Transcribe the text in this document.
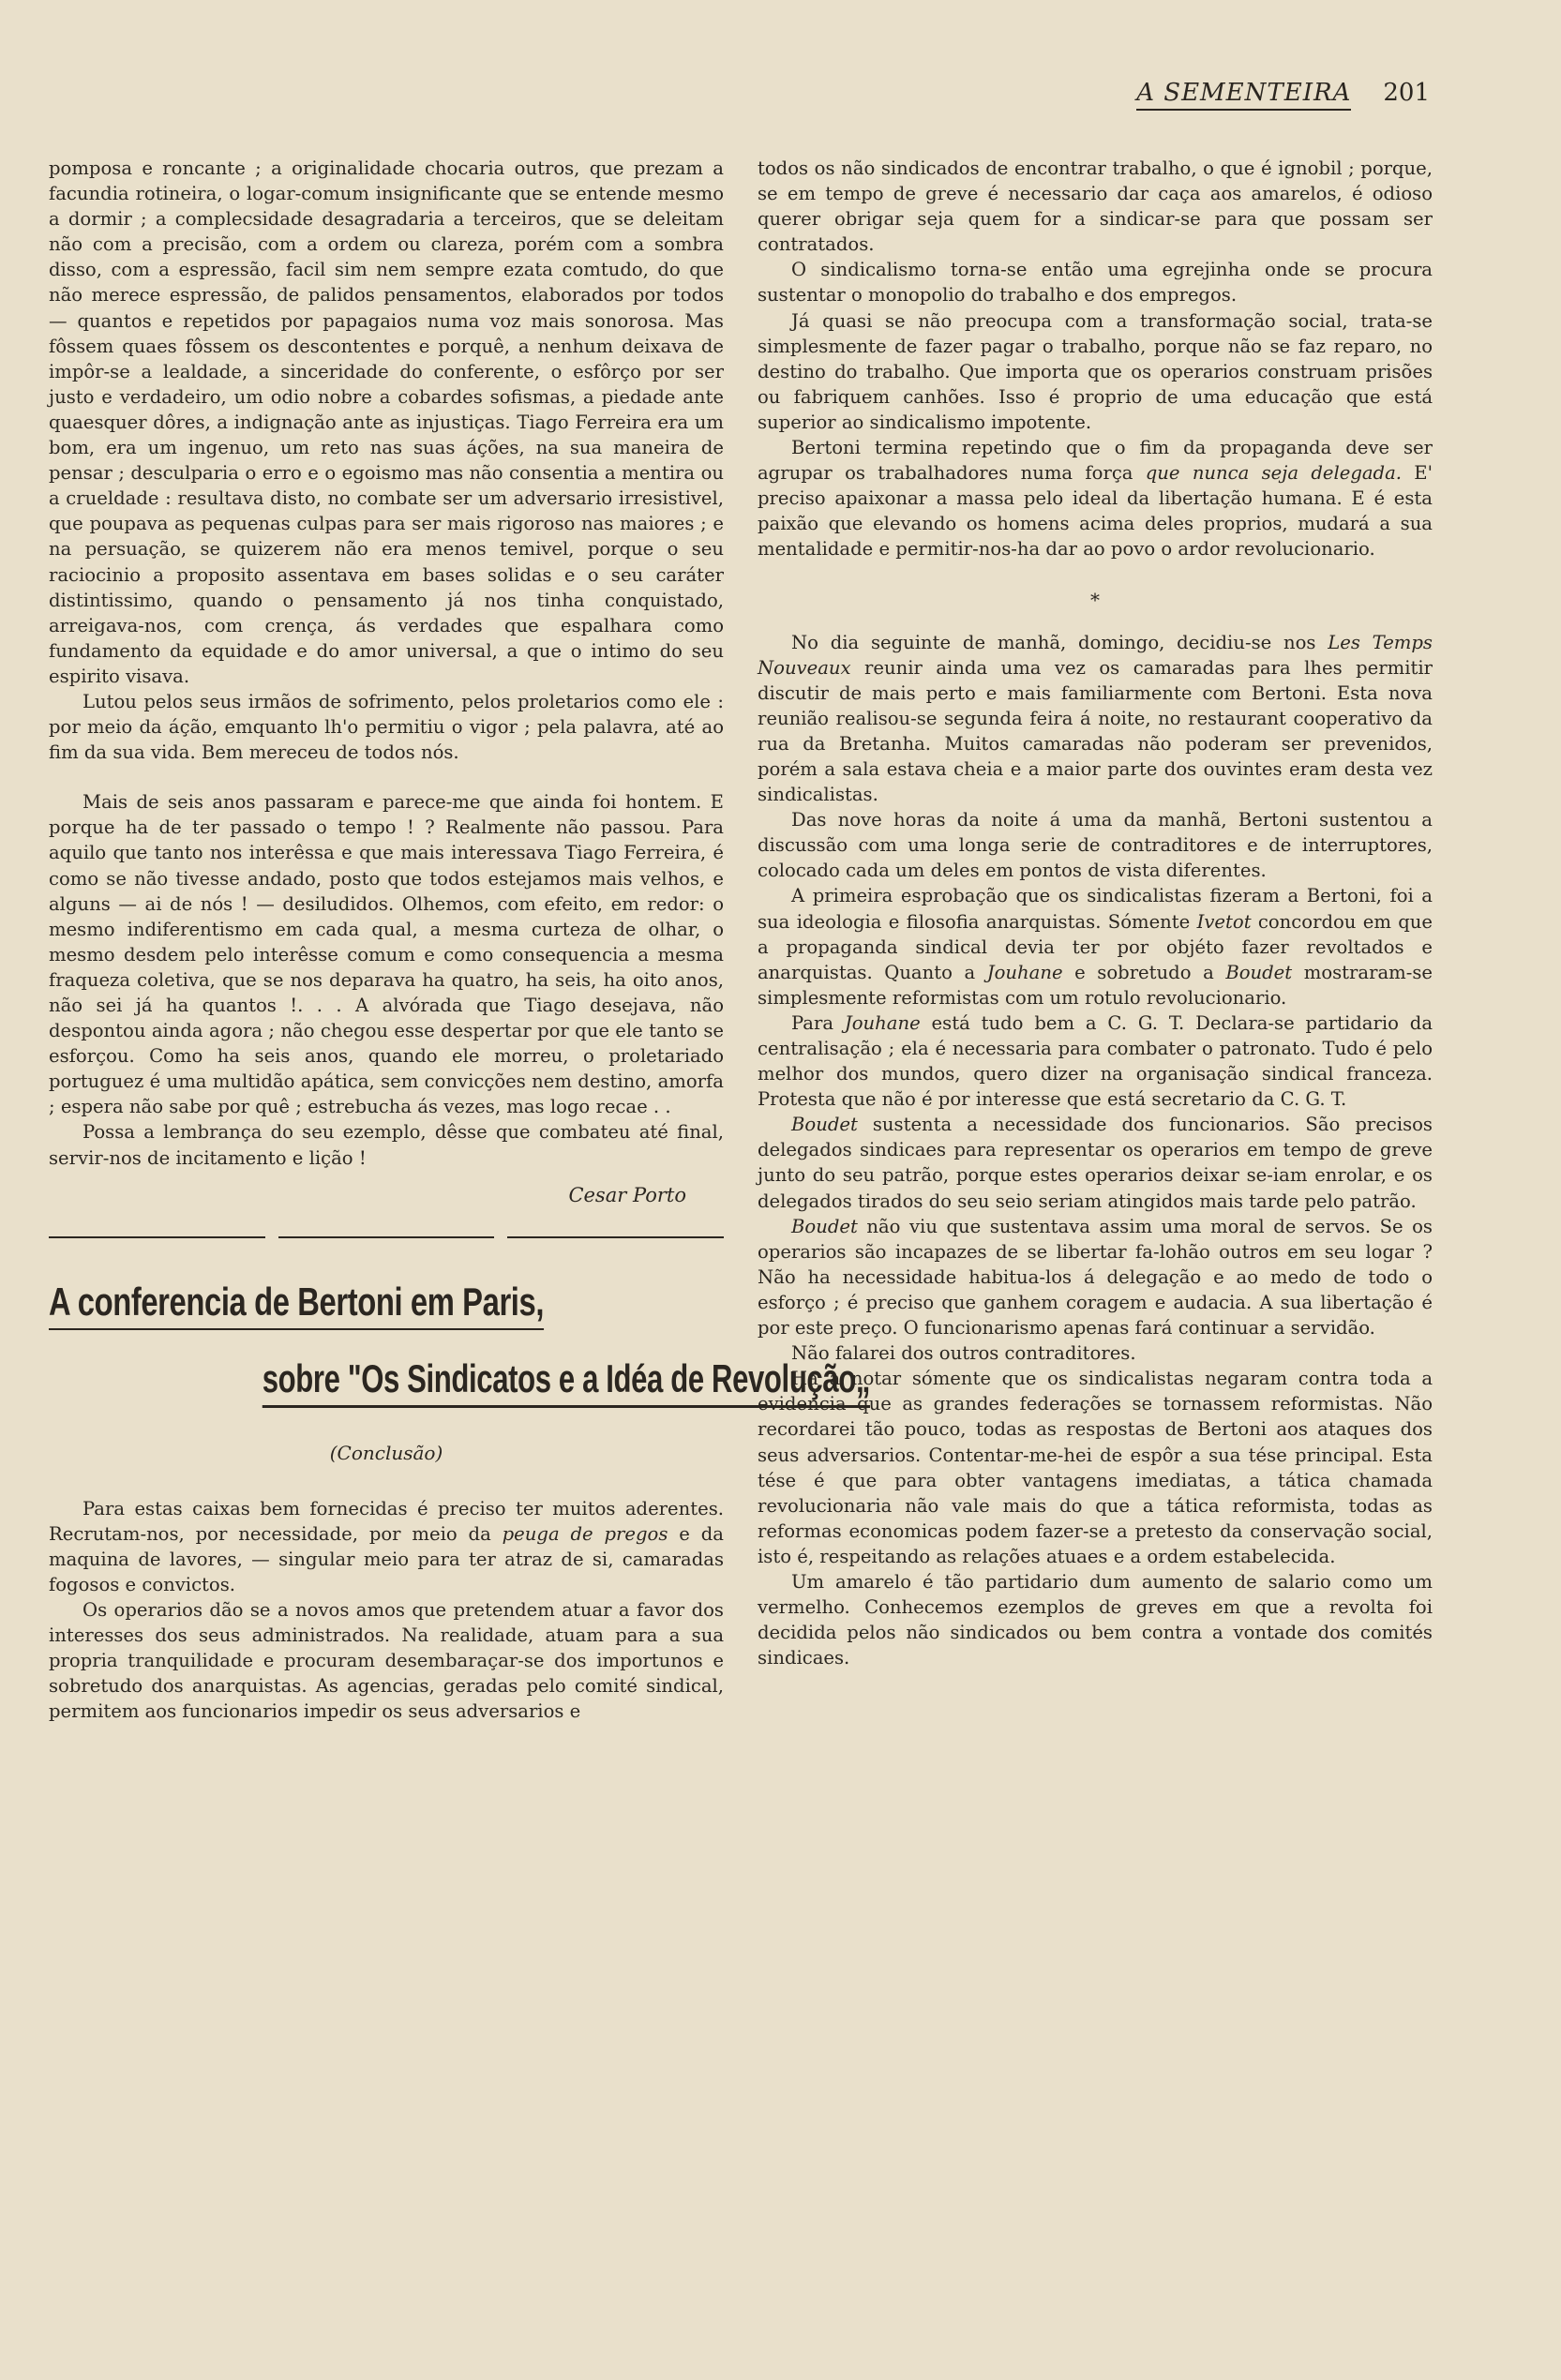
A SEMENTEIRA 201

pomposa e roncante ; a originalidade chocaria outros, que prezam a facundia rotineira, o logar-comum insignificante que se entende mesmo a dormir ; a complecsidade desagradaria a terceiros, que se deleitam não com a precisão, com a ordem ou clareza, porém com a sombra disso, com a espressão, facil sim nem sempre ezata comtudo, do que não merece espressão, de palidos pensamentos, elaborados por todos — quantos e repetidos por papagaios numa voz mais sonorosa. Mas fôssem quaes fôssem os descontentes e porquê, a nenhum deixava de impôr-se a lealdade, a sinceridade do conferente, o esfôrço por ser justo e verdadeiro, um odio nobre a cobardes sofismas, a piedade ante quaesquer dôres, a indignação ante as injustiças. Tiago Ferreira era um bom, era um ingenuo, um reto nas suas áções, na sua maneira de pensar ; desculparia o erro e o egoismo mas não consentia a mentira ou a crueldade : resultava disto, no combate ser um adversario irresistivel, que poupava as pequenas culpas para ser mais rigoroso nas maiores ; e na persuação, se quizerem não era menos temivel, porque o seu raciocinio a proposito assentava em bases solidas e o seu caráter distintissimo, quando o pensamento já nos tinha conquistado, arreigava-nos, com crença, ás verdades que espalhara como fundamento da equidade e do amor universal, a que o intimo do seu espirito visava.

Lutou pelos seus irmãos de sofrimento, pelos proletarios como ele : por meio da áção, emquanto lh'o permitiu o vigor ; pela palavra, até ao fim da sua vida. Bem mereceu de todos nós.

Mais de seis anos passaram e parece-me que ainda foi hontem. E porque ha de ter passado o tempo ! ? Realmente não passou. Para aquilo que tanto nos interêssa e que mais interessava Tiago Ferreira, é como se não tivesse andado, posto que todos estejamos mais velhos, e alguns — ai de nós ! — desiludidos. Olhemos, com efeito, em redor: o mesmo indiferentismo em cada qual, a mesma curteza de olhar, o mesmo desdem pelo interêsse comum e como consequencia a mesma fraqueza coletiva, que se nos deparava ha quatro, ha seis, ha oito anos, não sei já ha quantos !. . . A alvórada que Tiago desejava, não despontou ainda agora ; não chegou esse despertar por que ele tanto se esforçou. Como ha seis anos, quando ele morreu, o proletariado portuguez é uma multidão apática, sem convicções nem destino, amorfa ; espera não sabe por quê ; estrebucha ás vezes, mas logo recae . .

Possa a lembrança do seu ezemplo, dêsse que combateu até final, servir-nos de incitamento e lição !

Cesar Porto
A conferencia de Bertoni em Paris,
sobre "Os Sindicatos e a Idéa de Revolução„
(Conclusão)

Para estas caixas bem fornecidas é preciso ter muitos aderentes. Recrutam-nos, por necessidade, por meio da peuga de pregos e da maquina de lavores, — singular meio para ter atraz de si, camaradas fogosos e convictos.

Os operarios dão se a novos amos que pretendem atuar a favor dos interesses dos seus administrados. Na realidade, atuam para a sua propria tranquilidade e procuram desembaraçar-se dos importunos e sobretudo dos anarquistas. As agencias, geradas pelo comité sindical, permitem aos funcionarios impedir os seus adversarios e

todos os não sindicados de encontrar trabalho, o que é ignobil ; porque, se em tempo de greve é necessario dar caça aos amarelos, é odioso querer obrigar seja quem for a sindicar-se para que possam ser contratados.

O sindicalismo torna-se então uma egrejinha onde se procura sustentar o monopolio do trabalho e dos empregos.

Já quasi se não preocupa com a transformação social, trata-se simplesmente de fazer pagar o trabalho, porque não se faz reparo, no destino do trabalho. Que importa que os operarios construam prisões ou fabriquem canhões. Isso é proprio de uma educação que está superior ao sindicalismo impotente.

Bertoni termina repetindo que o fim da propaganda deve ser agrupar os trabalhadores numa força que nunca seja delegada. E' preciso apaixonar a massa pelo ideal da libertação humana. E é esta paixão que elevando os homens acima deles proprios, mudará a sua mentalidade e permitir-nos-ha dar ao povo o ardor revolucionario.

*

No dia seguinte de manhã, domingo, decidiu-se nos Les Temps Nouveaux reunir ainda uma vez os camaradas para lhes permitir discutir de mais perto e mais familiarmente com Bertoni. Esta nova reunião realisou-se segunda feira á noite, no restaurant cooperativo da rua da Bretanha. Muitos camaradas não poderam ser prevenidos, porém a sala estava cheia e a maior parte dos ouvintes eram desta vez sindicalistas.

Das nove horas da noite á uma da manhã, Bertoni sustentou a discussão com uma longa serie de contraditores e de interruptores, colocado cada um deles em pontos de vista diferentes.

A primeira esprobação que os sindicalistas fizeram a Bertoni, foi a sua ideologia e filosofia anarquistas. Sómente Ivetot concordou em que a propaganda sindical devia ter por objéto fazer revoltados e anarquistas. Quanto a Jouhane e sobretudo a Boudet mostraram-se simplesmente reformistas com um rotulo revolucionario.

Para Jouhane está tudo bem a C. G. T. Declara-se partidario da centralisação ; ela é necessaria para combater o patronato. Tudo é pelo melhor dos mundos, quero dizer na organisação sindical franceza. Protesta que não é por interesse que está secretario da C. G. T.

Boudet sustenta a necessidade dos funcionarios. São precisos delegados sindicaes para representar os operarios em tempo de greve junto do seu patrão, porque estes operarios deixar se-iam enrolar, e os delegados tirados do seu seio seriam atingidos mais tarde pelo patrão.

Boudet não viu que sustentava assim uma moral de servos. Se os operarios são incapazes de se libertar fa-lohão outros em seu logar ? Não ha necessidade habitua-los á delegação e ao medo de todo o esforço ; é preciso que ganhem coragem e audacia. A sua libertação é por este preço. O funcionarismo apenas fará continuar a servidão.

Não falarei dos outros contraditores.

Ha a notar sómente que os sindicalistas negaram contra toda a evidencia que as grandes federações se tornassem reformistas. Não recordarei tão pouco, todas as respostas de Bertoni aos ataques dos seus adversarios. Contentar-me-hei de espôr a sua tése principal. Esta tése é que para obter vantagens imediatas, a tática chamada revolucionaria não vale mais do que a tática reformista, todas as reformas economicas podem fazer-se a pretesto da conservação social, isto é, respeitando as relações atuaes e a ordem estabelecida.

Um amarelo é tão partidario dum aumento de salario como um vermelho. Conhecemos ezemplos de greves em que a revolta foi decidida pelos não sindicados ou bem contra a vontade dos comités sindicaes.
